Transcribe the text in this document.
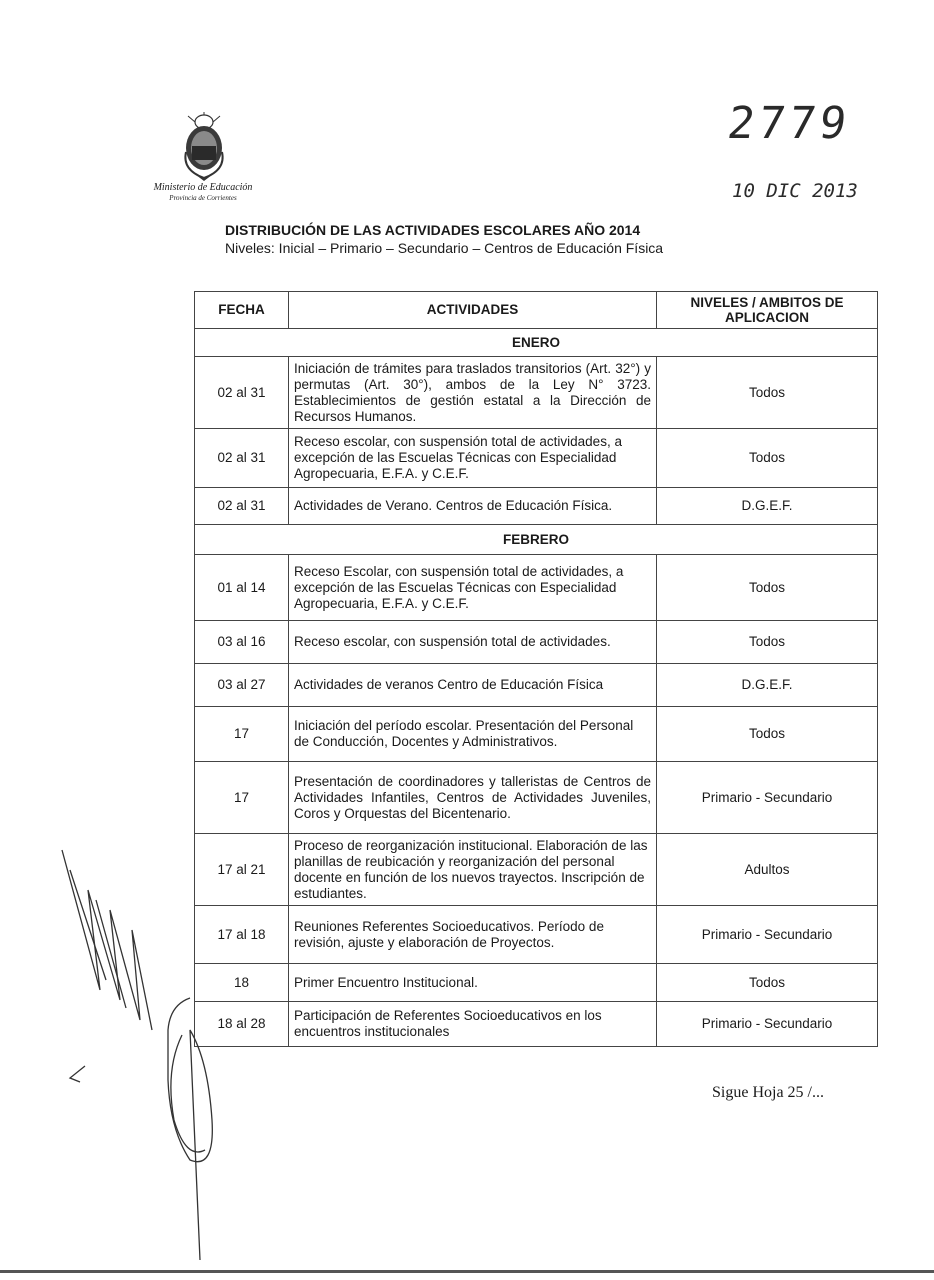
Ministerio de Educación
Provincia de Corrientes
2779
10 DIC 2013
DISTRIBUCIÓN DE LAS ACTIVIDADES ESCOLARES AÑO 2014
Niveles: Inicial – Primario – Secundario – Centros de Educación Física
FECHA	ACTIVIDADES	NIVELES / AMBITOS DE APLICACION
ENERO		
02 al 31	Iniciación de trámites para traslados transitorios (Art. 32°) y permutas (Art. 30°), ambos de la Ley N° 3723. Establecimientos de gestión estatal a la Dirección de Recursos Humanos.	Todos
02 al 31	Receso escolar, con suspensión total de actividades, a excepción de las Escuelas Técnicas con Especialidad Agropecuaria, E.F.A. y C.E.F.	Todos
02 al 31	Actividades de Verano. Centros de Educación Física.	D.G.E.F.
FEBRERO		
01 al 14	Receso Escolar, con suspensión total de actividades, a excepción de las Escuelas Técnicas con Especialidad Agropecuaria, E.F.A. y C.E.F.	Todos
03 al 16	Receso escolar, con suspensión total de actividades.	Todos
03 al 27	Actividades de veranos Centro de Educación Física	D.G.E.F.
17	Iniciación del período escolar. Presentación del Personal de Conducción, Docentes y Administrativos.	Todos
17	Presentación de coordinadores y talleristas de Centros de Actividades Infantiles, Centros de Actividades Juveniles, Coros y Orquestas del Bicentenario.	Primario - Secundario
17 al 21	Proceso de reorganización institucional. Elaboración de las planillas de reubicación y reorganización del personal docente en función de los nuevos trayectos. Inscripción de estudiantes.	Adultos
17 al 18	Reuniones Referentes Socioeducativos. Período de revisión, ajuste y elaboración de Proyectos.	Primario - Secundario
18	Primer Encuentro Institucional.	Todos
18 al 28	Participación de Referentes Socioeducativos en los encuentros institucionales	Primario - Secundario
Sigue Hoja 25 /...
